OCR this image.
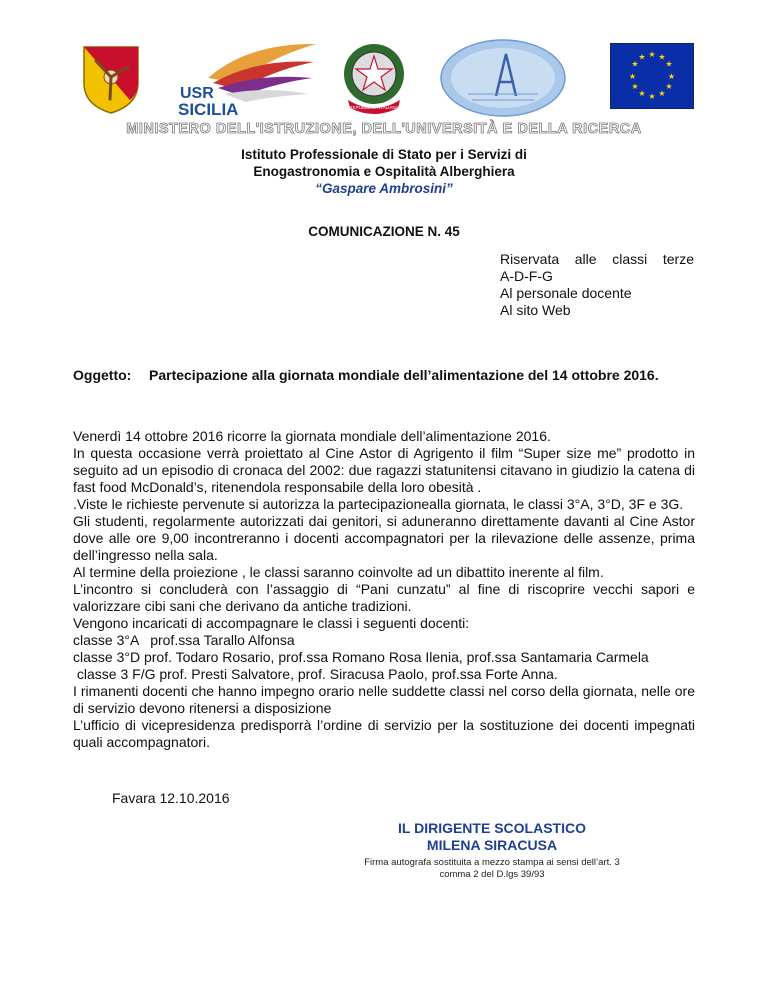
USR
SICILIA	REPUBBLICA ITALIANA
★ ★
★
★
★
★
★
★
★
★
★
★
MINISTERO DELL'ISTRUZIONE, DELL'UNIVERSITÀ E DELLA RICERCA
Istituto Professionale di Stato per i Servizi di
Enogastronomia e Ospitalità Alberghiera
“Gaspare Ambrosini”
COMUNICAZIONE N. 45
Riservata alle classi terze
A-D-F-G
Al personale docente
Al sito Web
Oggetto: Partecipazione alla giornata mondiale dell’alimentazione del 14 ottobre 2016.

Venerdì 14 ottobre 2016 ricorre la giornata mondiale dell’alimentazione 2016.

In questa occasione verrà proiettato al Cine Astor di Agrigento il film “Super size me” prodotto in seguito ad un episodio di cronaca del 2002: due ragazzi statunitensi citavano in giudizio la catena di fast food McDonald’s, ritenendola responsabile della loro obesità .

.Viste le richieste pervenute si autorizza la partecipazionealla giornata, le classi 3°A, 3°D, 3F e 3G.

Gli studenti, regolarmente autorizzati dai genitori, si aduneranno direttamente davanti al Cine Astor dove alle ore 9,00 incontreranno i docenti accompagnatori per la rilevazione delle assenze, prima dell’ingresso nella sala.

Al termine della proiezione , le classi saranno coinvolte ad un dibattito inerente al film.

L’incontro si concluderà con l’assaggio di “Pani cunzatu” al fine di riscoprire vecchi sapori e valorizzare cibi sani che derivano da antiche tradizioni.

Vengono incaricati di accompagnare le classi i seguenti docenti:

classe 3°A   prof.ssa Tarallo Alfonsa

classe 3°D prof. Todaro Rosario, prof.ssa Romano Rosa Ilenia, prof.ssa Santamaria Carmela

classe 3 F/G prof. Presti Salvatore, prof. Siracusa Paolo, prof.ssa Forte Anna.

I rimanenti docenti che hanno impegno orario nelle suddette classi nel corso della giornata, nelle ore di servizio devono ritenersi a disposizione

L’ufficio di vicepresidenza predisporrà l’ordine di servizio per la sostituzione dei docenti impegnati quali accompagnatori.

Favara 12.10.2016
IL DIRIGENTE SCOLASTICO
MILENA SIRACUSA
Firma autografa sostituita a mezzo stampa ai sensi dell’art. 3 comma 2 del D.lgs 39/93
